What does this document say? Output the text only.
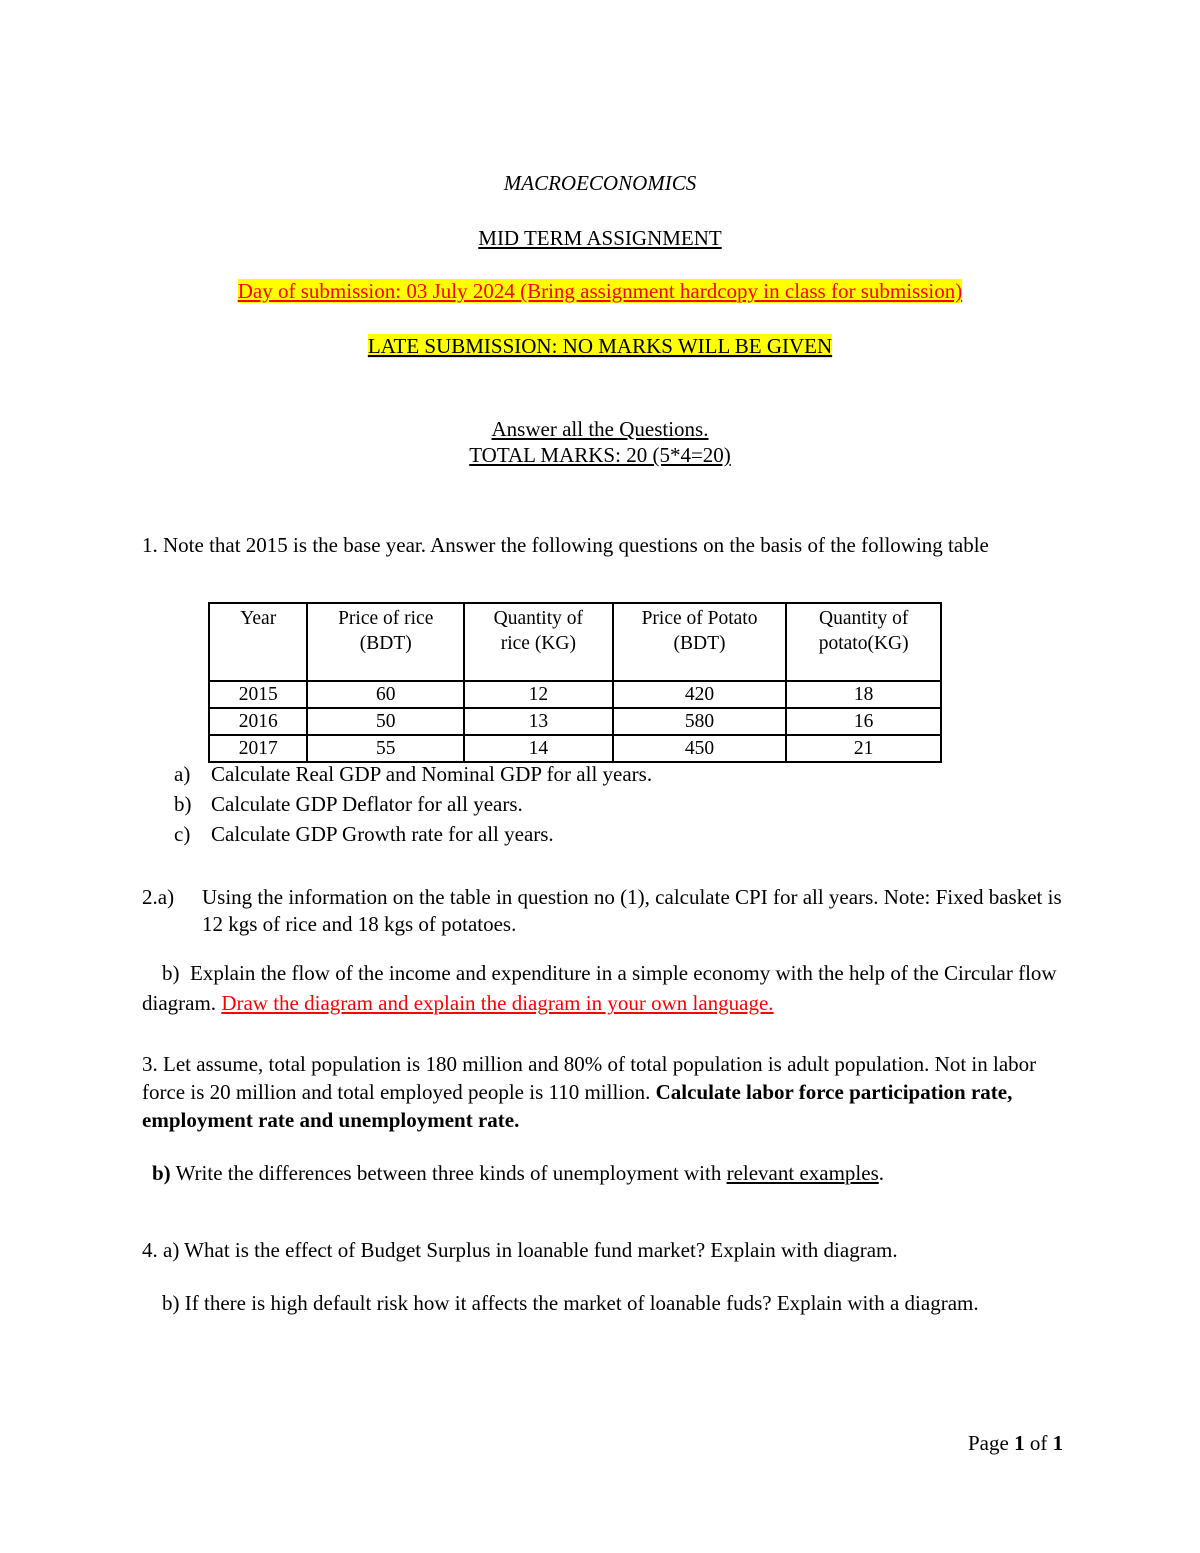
MACROECONOMICS
MID TERM ASSIGNMENT
Day of submission: 03 July 2024 (Bring assignment hardcopy in class for submission)
LATE SUBMISSION: NO MARKS WILL BE GIVEN
Answer all the Questions.
TOTAL MARKS: 20 (5*4=20)
1. Note that 2015 is the base year. Answer the following questions on the basis of the following table
Year	Price of rice (BDT)	Quantity of rice (KG)	Price of Potato (BDT)	Quantity of potato(KG)

2015	60	12	420	18
2016	50	13	580	16
2017	55	14	450	21
a) Calculate Real GDP and Nominal GDP for all years.
b) Calculate GDP Deflator for all years.
c) Calculate GDP Growth rate for all years.
2.a) Using the information on the table in question no (1), calculate CPI for all years. Note: Fixed basket is 12 kgs of rice and 18 kgs of potatoes.
b) Explain the flow of the income and expenditure in a simple economy with the help of the Circular flow diagram. Draw the diagram and explain the diagram in your own language.
3. Let assume, total population is 180 million and 80% of total population is adult population. Not in labor force is 20 million and total employed people is 110 million. Calculate labor force participation rate, employment rate and unemployment rate.
b) Write the differences between three kinds of unemployment with relevant examples.
4. a) What is the effect of Budget Surplus in loanable fund market? Explain with diagram.
b) If there is high default risk how it affects the market of loanable fuds? Explain with a diagram.
Page 1 of 1
